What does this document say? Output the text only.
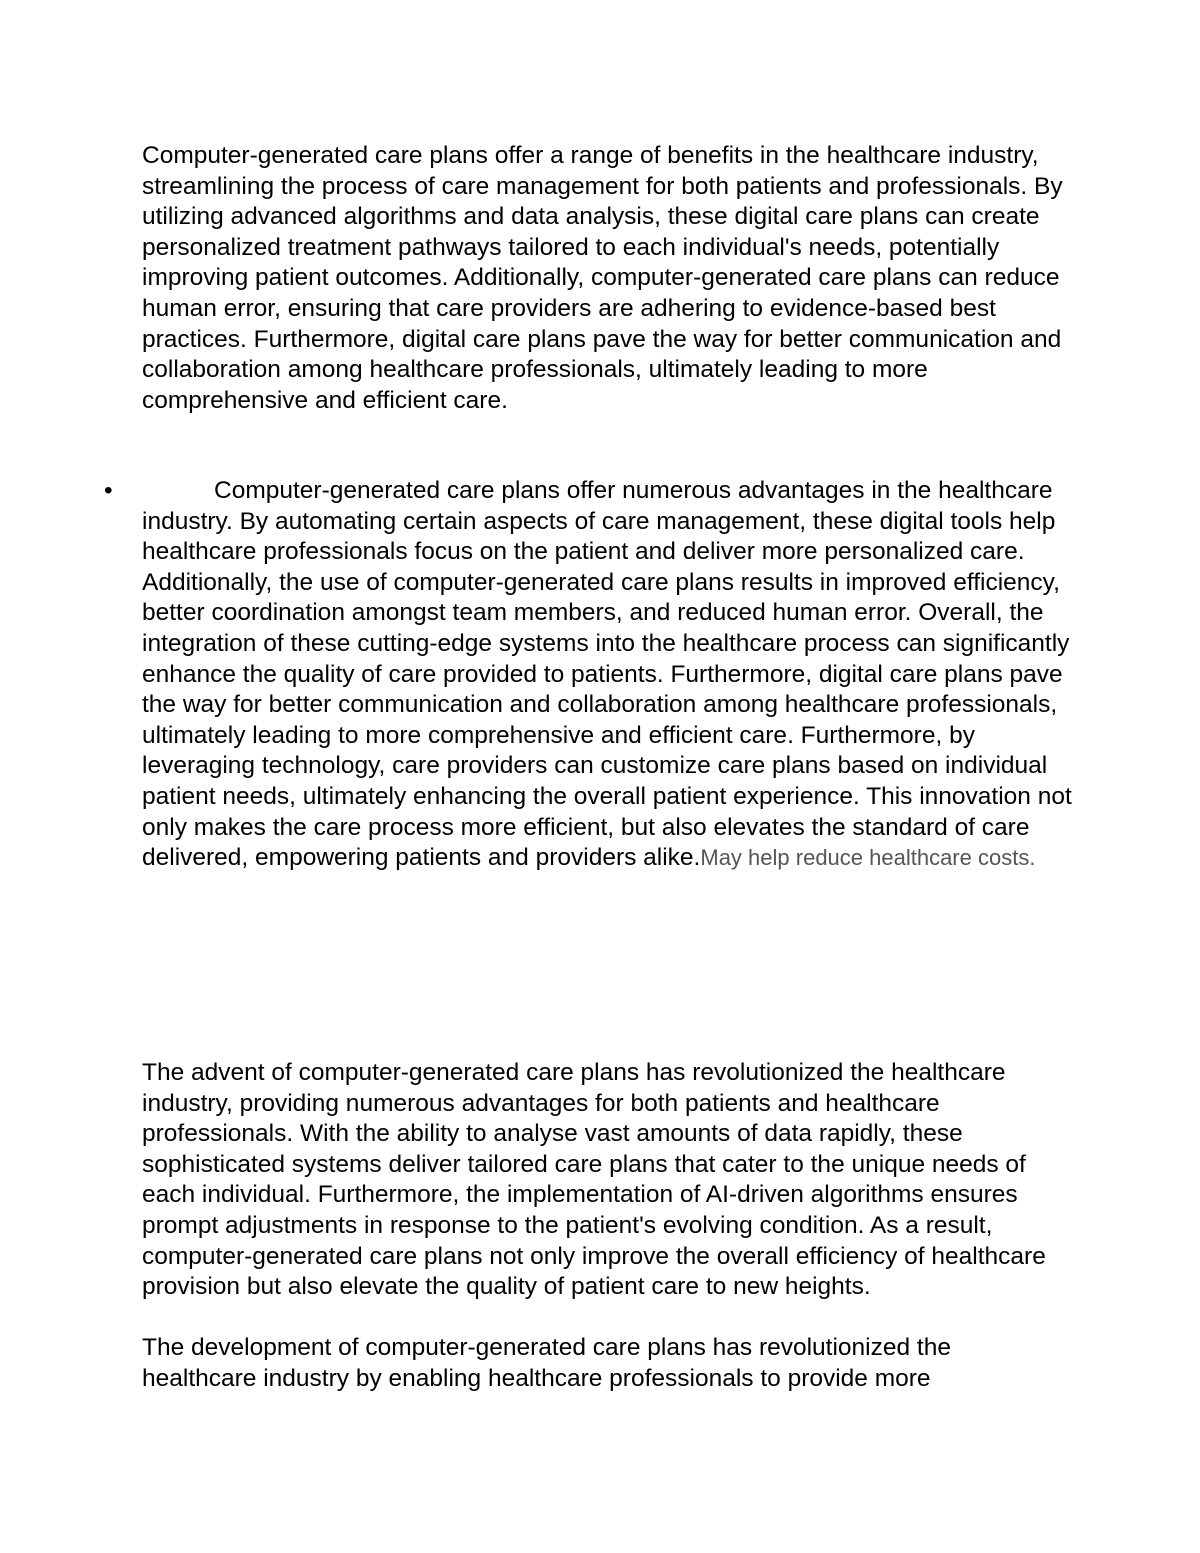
Computer-generated care plans offer a range of benefits in the healthcare industry, streamlining the process of care management for both patients and professionals. By utilizing advanced algorithms and data analysis, these digital care plans can create personalized treatment pathways tailored to each individual's needs, potentially improving patient outcomes. Additionally, computer-generated care plans can reduce human error, ensuring that care providers are adhering to evidence-based best practices. Furthermore, digital care plans pave the way for better communication and collaboration among healthcare professionals, ultimately leading to more comprehensive and efficient care.

•	Computer-generated care plans offer numerous advantages in the healthcare industry. By automating certain aspects of care management, these digital tools help healthcare professionals focus on the patient and deliver more personalized care. Additionally, the use of computer-generated care plans results in improved efficiency, better coordination amongst team members, and reduced human error. Overall, the integration of these cutting-edge systems into the healthcare process can significantly enhance the quality of care provided to patients. Furthermore, digital care plans pave the way for better communication and collaboration among healthcare professionals, ultimately leading to more comprehensive and efficient care. Furthermore, by leveraging technology, care providers can customize care plans based on individual patient needs, ultimately enhancing the overall patient experience. This innovation not only makes the care process more efficient, but also elevates the standard of care delivered, empowering patients and providers alike.May help reduce healthcare costs.

The advent of computer-generated care plans has revolutionized the healthcare industry, providing numerous advantages for both patients and healthcare professionals. With the ability to analyse vast amounts of data rapidly, these sophisticated systems deliver tailored care plans that cater to the unique needs of each individual. Furthermore, the implementation of AI-driven algorithms ensures prompt adjustments in response to the patient's evolving condition. As a result, computer-generated care plans not only improve the overall efficiency of healthcare provision but also elevate the quality of patient care to new heights.

The development of computer-generated care plans has revolutionized the healthcare industry by enabling healthcare professionals to provide more
